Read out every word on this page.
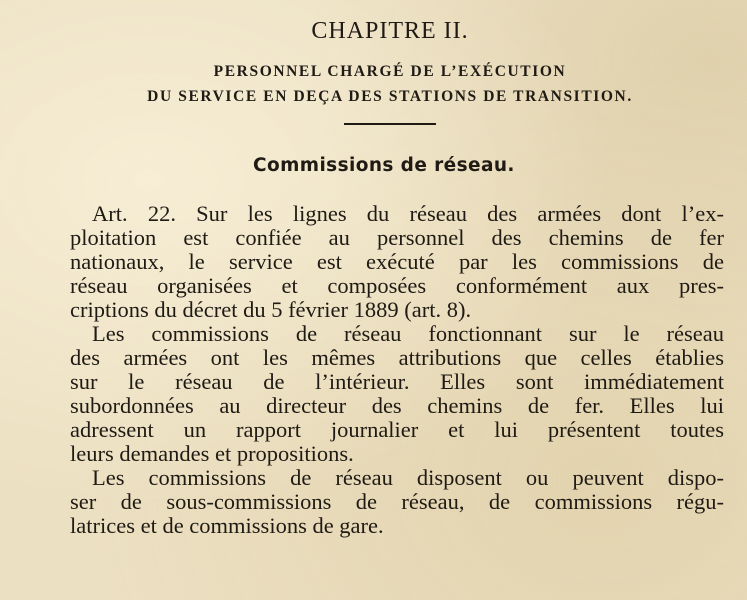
CHAPITRE II.
PERSONNEL CHARGÉ DE L’EXÉCUTION
DU SERVICE EN DEÇA DES STATIONS DE TRANSITION.
Commissions de réseau.
Art. 22. Sur les lignes du réseau des armées dont l’ex-
ploitation est confiée au personnel des chemins de fer
nationaux, le service est exécuté par les commissions de
réseau organisées et composées conformément aux pres-
criptions du décret du 5 février 1889 (art. 8).
Les commissions de réseau fonctionnant sur le réseau
des armées ont les mêmes attributions que celles établies
sur le réseau de l’intérieur. Elles sont immédiatement
subordonnées au directeur des chemins de fer. Elles lui
adressent un rapport journalier et lui présentent toutes
leurs demandes et propositions.
Les commissions de réseau disposent ou peuvent dispo-
ser de sous-commissions de réseau, de commissions régu-
latrices et de commissions de gare.
